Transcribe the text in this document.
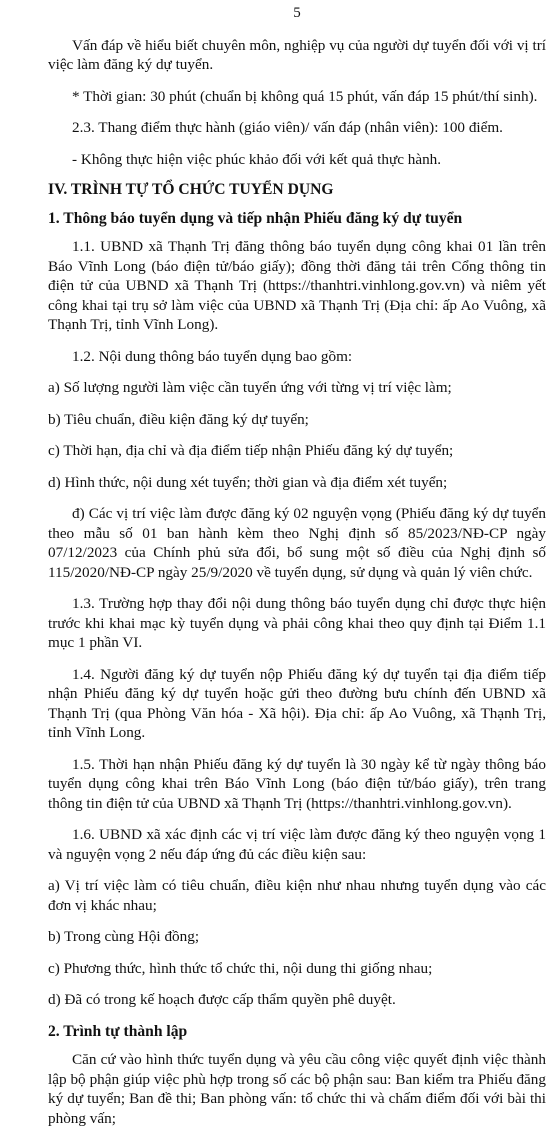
5

Vấn đáp về hiểu biết chuyên môn, nghiệp vụ của người dự tuyển đối với vị trí việc làm đăng ký dự tuyển.

* Thời gian: 30 phút (chuẩn bị không quá 15 phút, vấn đáp 15 phút/thí sinh).

2.3. Thang điểm thực hành (giáo viên)/ vấn đáp (nhân viên): 100 điểm.

- Không thực hiện việc phúc khảo đối với kết quả thực hành.

IV. TRÌNH TỰ TỔ CHỨC TUYỂN DỤNG

1. Thông báo tuyển dụng và tiếp nhận Phiếu đăng ký dự tuyển

1.1. UBND xã Thạnh Trị đăng thông báo tuyển dụng công khai 01 lần trên Báo Vĩnh Long (báo điện tử/báo giấy); đồng thời đăng tải trên Cổng thông tin điện tử của UBND xã Thạnh Trị (https://thanhtri.vinhlong.gov.vn) và niêm yết công khai tại trụ sở làm việc của UBND xã Thạnh Trị (Địa chỉ: ấp Ao Vuông, xã Thạnh Trị, tỉnh Vĩnh Long).

1.2. Nội dung thông báo tuyển dụng bao gồm:

a) Số lượng người làm việc cần tuyển ứng với từng vị trí việc làm;

b) Tiêu chuẩn, điều kiện đăng ký dự tuyển;

c) Thời hạn, địa chỉ và địa điểm tiếp nhận Phiếu đăng ký dự tuyển;

d) Hình thức, nội dung xét tuyển; thời gian và địa điểm xét tuyển;

đ) Các vị trí việc làm được đăng ký 02 nguyện vọng (Phiếu đăng ký dự tuyển theo mẫu số 01 ban hành kèm theo Nghị định số 85/2023/NĐ-CP ngày 07/12/2023 của Chính phủ sửa đổi, bổ sung một số điều của Nghị định số 115/2020/NĐ-CP ngày 25/9/2020 về tuyển dụng, sử dụng và quản lý viên chức.

1.3. Trường hợp thay đổi nội dung thông báo tuyển dụng chỉ được thực hiện trước khi khai mạc kỳ tuyển dụng và phải công khai theo quy định tại Điểm 1.1 mục 1 phần VI.

1.4. Người đăng ký dự tuyển nộp Phiếu đăng ký dự tuyển tại địa điểm tiếp nhận Phiếu đăng ký dự tuyển hoặc gửi theo đường bưu chính đến UBND xã Thạnh Trị (qua Phòng Văn hóa - Xã hội). Địa chỉ: ấp Ao Vuông, xã Thạnh Trị, tỉnh Vĩnh Long.

1.5. Thời hạn nhận Phiếu đăng ký dự tuyển là 30 ngày kể từ ngày thông báo tuyển dụng công khai trên Báo Vĩnh Long (báo điện tử/báo giấy), trên trang thông tin điện tử của UBND xã Thạnh Trị (https://thanhtri.vinhlong.gov.vn).

1.6. UBND xã xác định các vị trí việc làm được đăng ký theo nguyện vọng 1 và nguyện vọng 2 nếu đáp ứng đủ các điều kiện sau:

a) Vị trí việc làm có tiêu chuẩn, điều kiện như nhau nhưng tuyển dụng vào các đơn vị khác nhau;

b) Trong cùng Hội đồng;

c) Phương thức, hình thức tổ chức thi, nội dung thi giống nhau;

d) Đã có trong kế hoạch được cấp thẩm quyền phê duyệt.

2. Trình tự thành lập

Căn cứ vào hình thức tuyển dụng và yêu cầu công việc quyết định việc thành lập bộ phận giúp việc phù hợp trong số các bộ phận sau: Ban kiểm tra Phiếu đăng ký dự tuyển; Ban đề thi; Ban phòng vấn: tổ chức thi và chấm điểm đối với bài thi phòng vấn;
